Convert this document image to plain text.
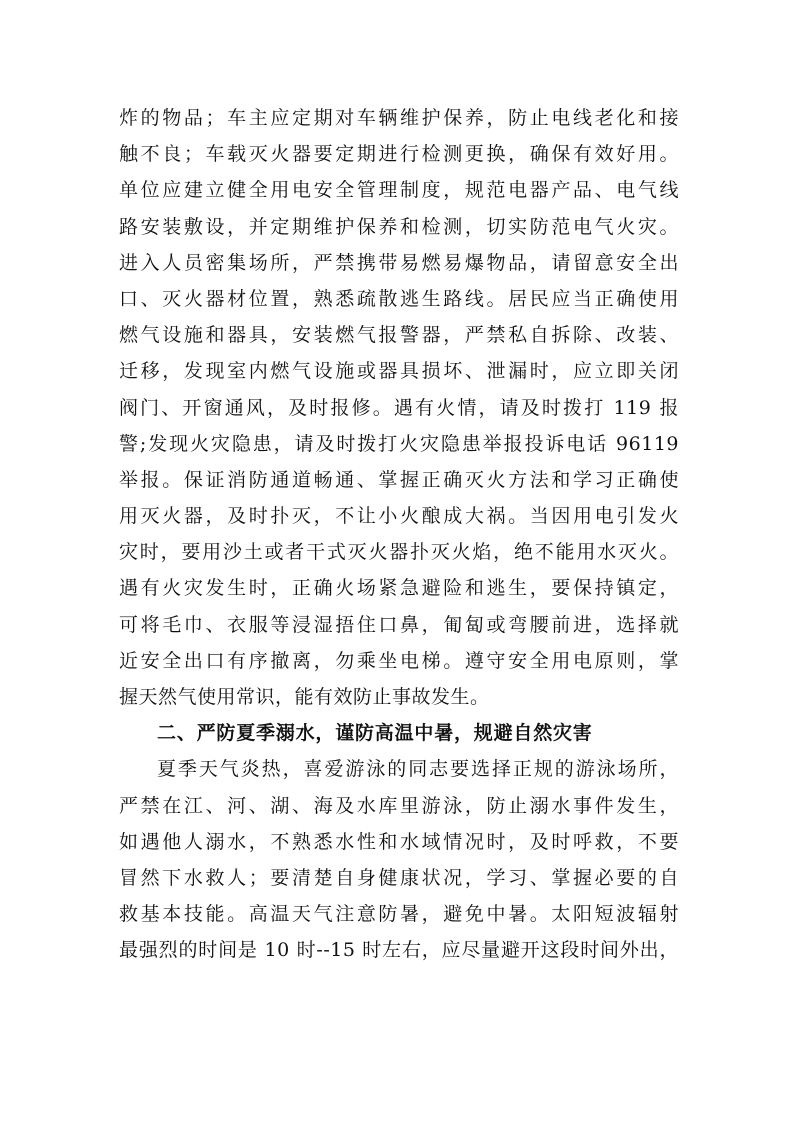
炸的物品；车主应定期对车辆维护保养，防止电线老化和接
触不良；车载灭火器要定期进行检测更换，确保有效好用。
单位应建立健全用电安全管理制度，规范电器产品、电气线
路安装敷设，并定期维护保养和检测，切实防范电气火灾。
进入人员密集场所，严禁携带易燃易爆物品，请留意安全出
口、灭火器材位置，熟悉疏散逃生路线。居民应当正确使用
燃气设施和器具，安装燃气报警器，严禁私自拆除、改装、
迁移，发现室内燃气设施或器具损坏、泄漏时，应立即关闭
阀门、开窗通风，及时报修。遇有火情，请及时拨打 119 报
警;发现火灾隐患，请及时拨打火灾隐患举报投诉电话 96119
举报。保证消防通道畅通、掌握正确灭火方法和学习正确使
用灭火器，及时扑灭，不让小火酿成大祸。当因用电引发火
灾时，要用沙土或者干式灭火器扑灭火焰，绝不能用水灭火。
遇有火灾发生时，正确火场紧急避险和逃生，要保持镇定，
可将毛巾、衣服等浸湿捂住口鼻，匍匐或弯腰前进，选择就
近安全出口有序撤离，勿乘坐电梯。遵守安全用电原则，掌
握天然气使用常识，能有效防止事故发生。
二、严防夏季溺水，谨防高温中暑，规避自然灾害
夏季天气炎热，喜爱游泳的同志要选择正规的游泳场所，
严禁在江、河、湖、海及水库里游泳，防止溺水事件发生，
如遇他人溺水，不熟悉水性和水域情况时，及时呼救，不要
冒然下水救人；要清楚自身健康状况，学习、掌握必要的自
救基本技能。高温天气注意防暑，避免中暑。太阳短波辐射
最强烈的时间是 10 时--15 时左右，应尽量避开这段时间外出，
